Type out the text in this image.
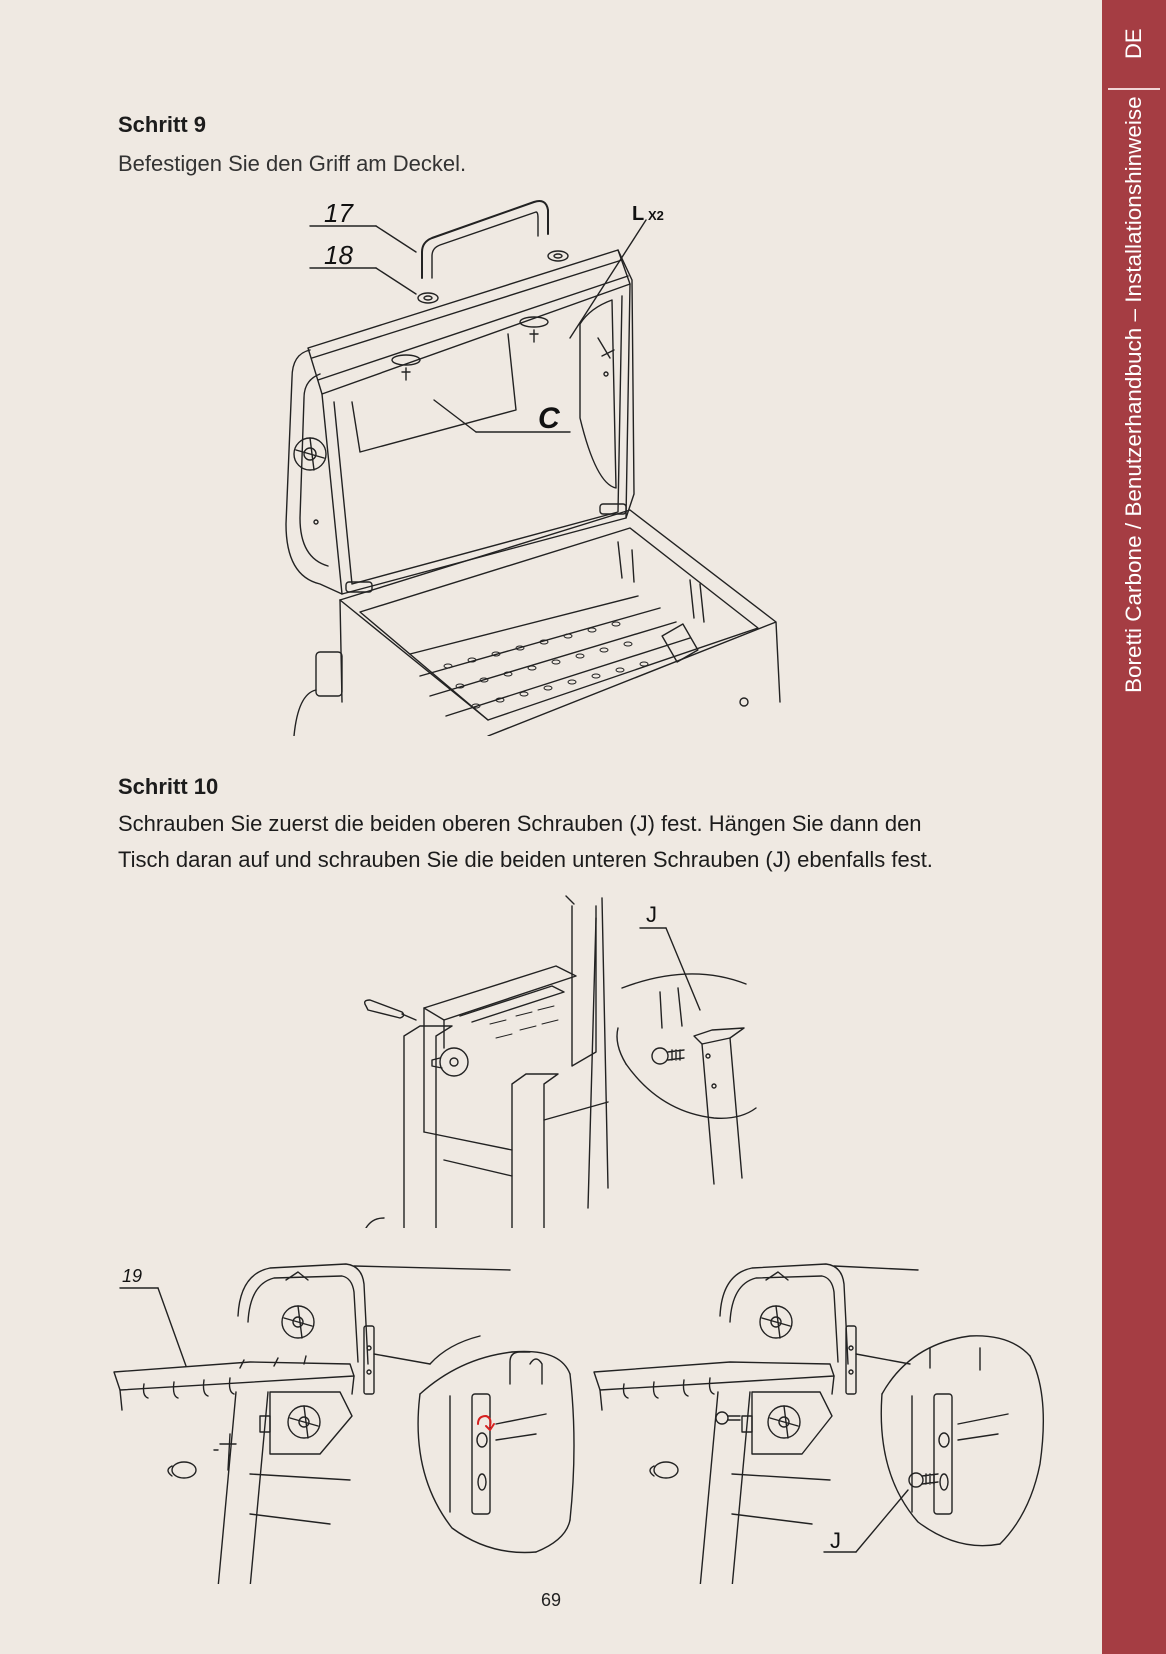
DE
Boretti Carbone / Benutzerhandbuch – Installationshinweise
Schritt 9
Befestigen Sie den Griff am Deckel.
17
18
L X2
C
Schritt 10
Schrauben Sie zuerst die beiden oberen Schrauben (J) fest. Hängen Sie dann den
Tisch daran auf und schrauben Sie die beiden unteren Schrauben (J) ebenfalls fest.
J
19
J
69
